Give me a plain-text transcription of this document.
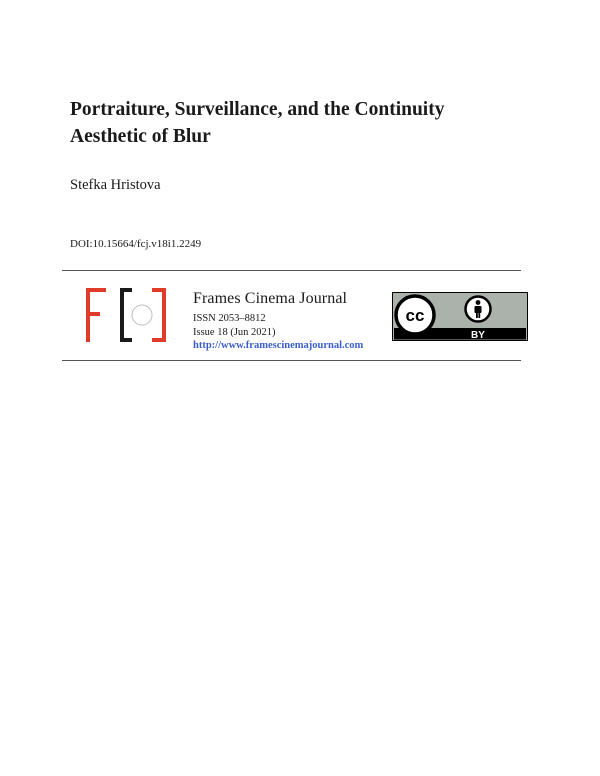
Portraiture, Surveillance, and the Continuity
Aesthetic of Blur
Stefka Hristova
DOI:10.15664/fcj.v18i1.2249
Frames Cinema Journal
ISSN 2053–8812
Issue 18 (Jun 2021)
http://www.framescinemajournal.com
cc
BY
